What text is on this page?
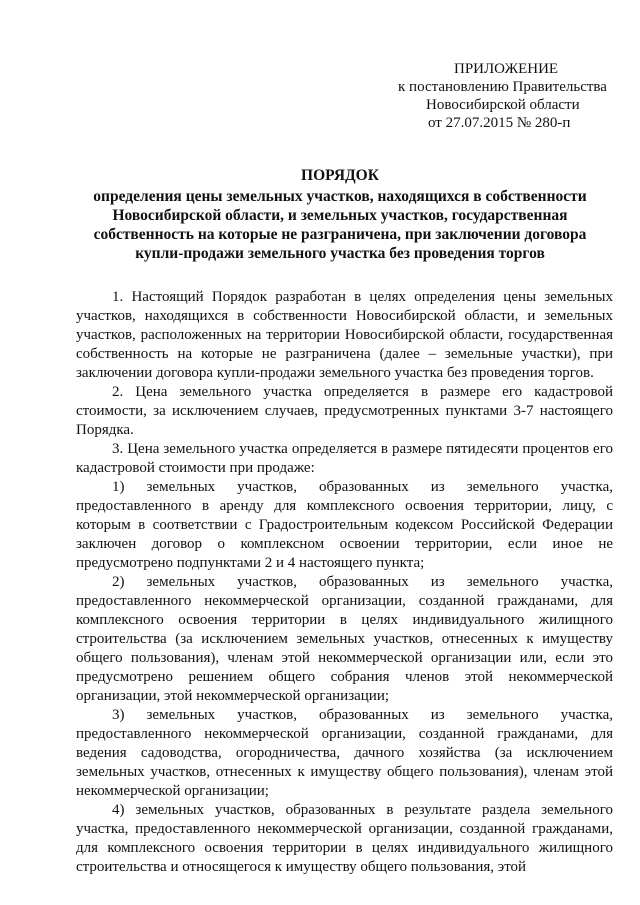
ПРИЛОЖЕНИЕ
к постановлению Правительства
Новосибирской области
от 27.07.2015 № 280-п
ПОРЯДОК
определения цены земельных участков, находящихся в собственности
Новосибирской области, и земельных участков, государственная
собственность на которые не разграничена, при заключении договора
купли-продажи земельного участка без проведения торгов

1. Настоящий Порядок разработан в целях определения цены земельных участков, находящихся в собственности Новосибирской области, и земельных участков, расположенных на территории Новосибирской области, государственная собственность на которые не разграничена (далее – земельные участки), при заключении договора купли-продажи земельного участка без проведения торгов.

2. Цена земельного участка определяется в размере его кадастровой стоимости, за исключением случаев, предусмотренных пунктами 3-7 настоящего Порядка.

3. Цена земельного участка определяется в размере пятидесяти процентов его кадастровой стоимости при продаже:

1) земельных участков, образованных из земельного участка, предоставленного в аренду для комплексного освоения территории, лицу, с которым в соответствии с Градостроительным кодексом Российской Федерации заключен договор о комплексном освоении территории, если иное не предусмотрено подпунктами 2 и 4 настоящего пункта;

2) земельных участков, образованных из земельного участка, предоставленного некоммерческой организации, созданной гражданами, для комплексного освоения территории в целях индивидуального жилищного строительства (за исключением земельных участков, отнесенных к имуществу общего пользования), членам этой некоммерческой организации или, если это предусмотрено решением общего собрания членов этой некоммерческой организации, этой некоммерческой организации;

3) земельных участков, образованных из земельного участка, предоставленного некоммерческой организации, созданной гражданами, для ведения садоводства, огородничества, дачного хозяйства (за исключением земельных участков, отнесенных к имуществу общего пользования), членам этой некоммерческой организации;

4) земельных участков, образованных в результате раздела земельного участка, предоставленного некоммерческой организации, созданной гражданами, для комплексного освоения территории в целях индивидуального жилищного строительства и относящегося к имуществу общего пользования, этой
